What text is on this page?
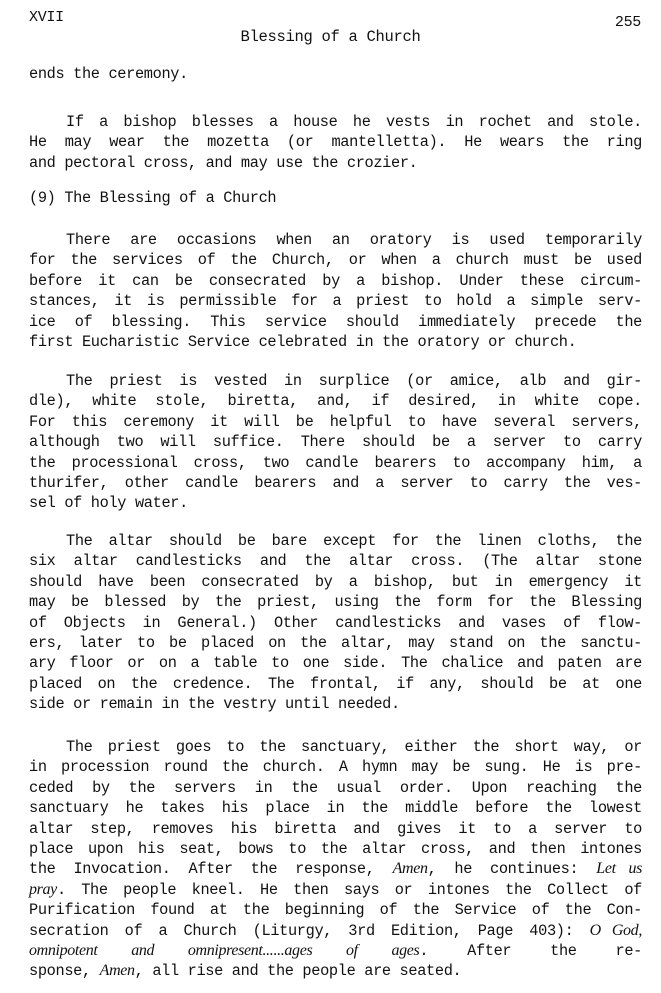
XVII	255
Blessing of a Church
ends the ceremony.
If a bishop blesses a house he vests in rochet and stole.
He may wear the mozetta (or mantelletta). He wears the ring
and pectoral cross, and may use the crozier.
(9) The Blessing of a Church
There are occasions when an oratory is used temporarily
for the services of the Church, or when a church must be used
before it can be consecrated by a bishop. Under these circum-
stances, it is permissible for a priest to hold a simple serv-
ice of blessing. This service should immediately precede the
first Eucharistic Service celebrated in the oratory or church.
The priest is vested in surplice (or amice, alb and gir-
dle), white stole, biretta, and, if desired, in white cope.
For this ceremony it will be helpful to have several servers,
although two will suffice. There should be a server to carry
the processional cross, two candle bearers to accompany him, a
thurifer, other candle bearers and a server to carry the ves-
sel of holy water.
The altar should be bare except for the linen cloths, the
six altar candlesticks and the altar cross. (The altar stone
should have been consecrated by a bishop, but in emergency it
may be blessed by the priest, using the form for the Blessing
of Objects in General.) Other candlesticks and vases of flow-
ers, later to be placed on the altar, may stand on the sanctu-
ary floor or on a table to one side. The chalice and paten are
placed on the credence. The frontal, if any, should be at one
side or remain in the vestry until needed.
The priest goes to the sanctuary, either the short way, or
in procession round the church. A hymn may be sung. He is pre-
ceded by the servers in the usual order. Upon reaching the
sanctuary he takes his place in the middle before the lowest
altar step, removes his biretta and gives it to a server to
place upon his seat, bows to the altar cross, and then intones
the Invocation. After the response, Amen, he continues: Let us
pray. The people kneel. He then says or intones the Collect of
Purification found at the beginning of the Service of the Con-
secration of a Church (Liturgy, 3rd Edition, Page 403): O God,
omnipotent and omnipresent......ages of ages. After the re-
sponse, Amen, all rise and the people are seated.
